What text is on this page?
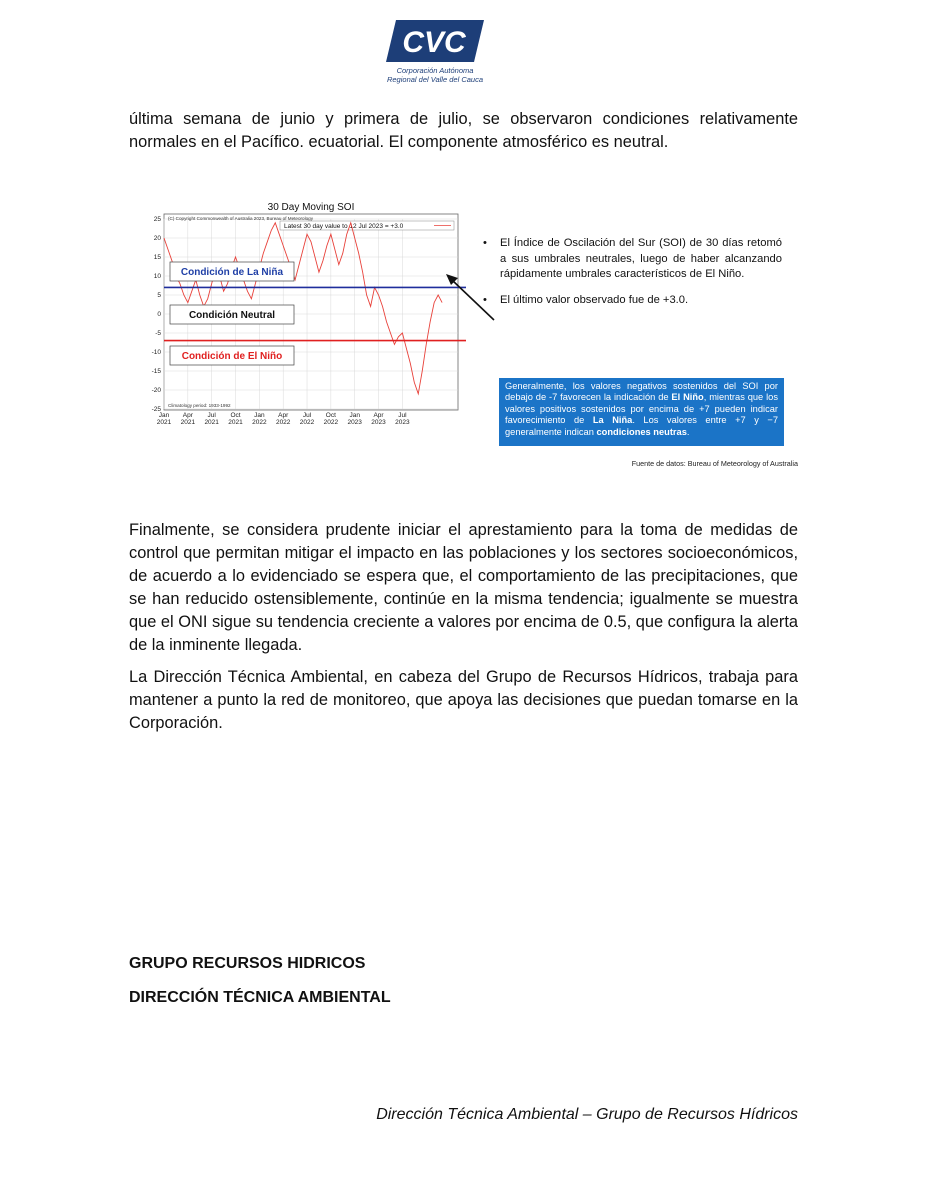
CVC
Corporación Autónoma
Regional del Valle del Cauca
última semana de junio y primera de julio, se observaron condiciones relativamente normales en el Pacífico. ecuatorial. El componente atmosférico es neutral.
30 Day Moving SOI
(C) Copyright Commonwealth of Australia 2023, Bureau of Meteorology
Latest 30 day value to 12 Jul 2023 = +3.0
Condición de La Niña
Condición Neutral
Condición de El Niño
Climatology period: 1933-1992
25
20
15
10
5
0
-5
-10
-15
-20
-25
Jan
2021
Apr
2021
Jul
2021
Oct
2021
Jan
2022
Apr
2022
Jul
2022
Oct
2022
Jan
2023
Apr
2023
Jul
2023
• El Índice de Oscilación del Sur (SOI) de 30 días retomó a sus umbrales neutrales, luego de haber alcanzando rápidamente umbrales característicos de El Niño.
• El último valor observado fue de +3.0.
Generalmente, los valores negativos sostenidos del SOI por debajo de -7 favorecen la indicación de El Niño, mientras que los valores positivos sostenidos por encima de +7 pueden indicar favorecimiento de La Niña. Los valores entre +7 y −7 generalmente indican condiciones neutras.
Fuente de datos: Bureau of Meteorology of Australia
Finalmente, se considera prudente iniciar el aprestamiento para la toma de medidas de control que permitan mitigar el impacto en las poblaciones y los sectores socioeconómicos, de acuerdo a lo evidenciado se espera que, el comportamiento de las precipitaciones, que se han reducido ostensiblemente, continúe en la misma tendencia; igualmente se muestra que el ONI sigue su tendencia creciente a valores por encima de 0.5, que configura la alerta de la inminente llegada.
La Dirección Técnica Ambiental, en cabeza del Grupo de Recursos Hídricos, trabaja para mantener a punto la red de monitoreo, que apoya las decisiones que puedan tomarse en la Corporación.
GRUPO RECURSOS HIDRICOS
DIRECCIÓN TÉCNICA AMBIENTAL
Dirección Técnica Ambiental – Grupo de Recursos Hídricos
